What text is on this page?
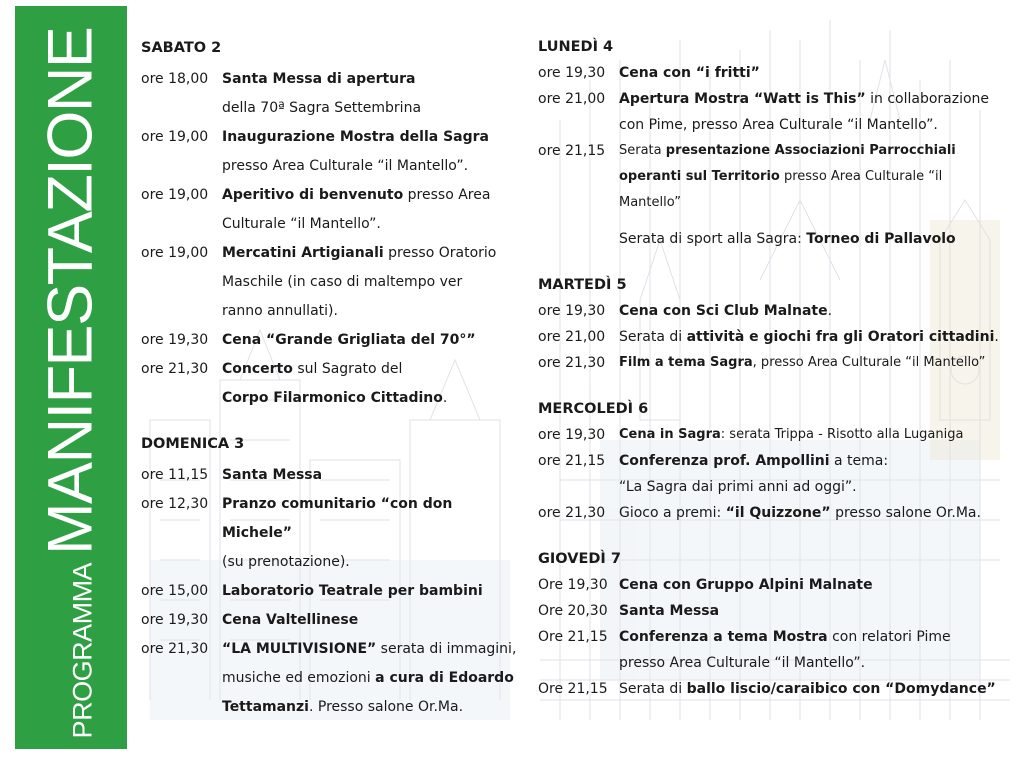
PROGRAMMA
MANIFESTAZIONE SABATO 2
ore 18,00 Santa Messa di apertura
della 70ª Sagra Settembrina
ore 19,00 Inaugurazione Mostra della Sagra
presso Area Culturale “il Mantello”.
ore 19,00 Aperitivo di benvenuto presso Area
Culturale “il Mantello”.
ore 19,00 Mercatini Artigianali presso Oratorio
Maschile (in caso di maltempo ver
ranno annullati).
ore 19,30 Cena “Grande Grigliata del 70°”
ore 21,30 Concerto sul Sagrato del
Corpo Filarmonico Cittadino.
DOMENICA 3
ore 11,15 Santa Messa
ore 12,30 Pranzo comunitario “con don Michele”
(su prenotazione).
ore 15,00 Laboratorio Teatrale per bambini
ore 19,30 Cena Valtellinese
ore 21,30 “LA MULTIVISIONE” serata di immagini,
musiche ed emozioni a cura di Edoardo
Tettamanzi. Presso salone Or.Ma.
LUNEDÌ 4
ore 19,30 Cena con “i fritti”
ore 21,00 Apertura Mostra “Watt is This” in collaborazione
con Pime, presso Area Culturale “il Mantello”.
ore 21,15	Serata presentazione Associazioni Parrocchiali
operanti sul Territorio presso Area Culturale “il Mantello”
Serata di sport alla Sagra: Torneo di Pallavolo
MARTEDÌ 5
ore 19,30 Cena con Sci Club Malnate.
ore 21,00 Serata di attività e giochi fra gli Oratori cittadini.
ore 21,30	Film a tema Sagra, presso Area Culturale “il Mantello”
MERCOLEDÌ 6
ore 19,30	Cena in Sagra: serata Trippa - Risotto alla Luganiga
ore 21,15 Conferenza prof. Ampollini a tema:
“La Sagra dai primi anni ad oggi”.
ore 21,30 Gioco a premi: “il Quizzone” presso salone Or.Ma.
GIOVEDÌ 7
Ore 19,30 Cena con Gruppo Alpini Malnate
Ore 20,30 Santa Messa
Ore 21,15 Conferenza a tema Mostra con relatori Pime
presso Area Culturale “il Mantello”.
Ore 21,15 Serata di ballo liscio/caraibico con “Domydance”
